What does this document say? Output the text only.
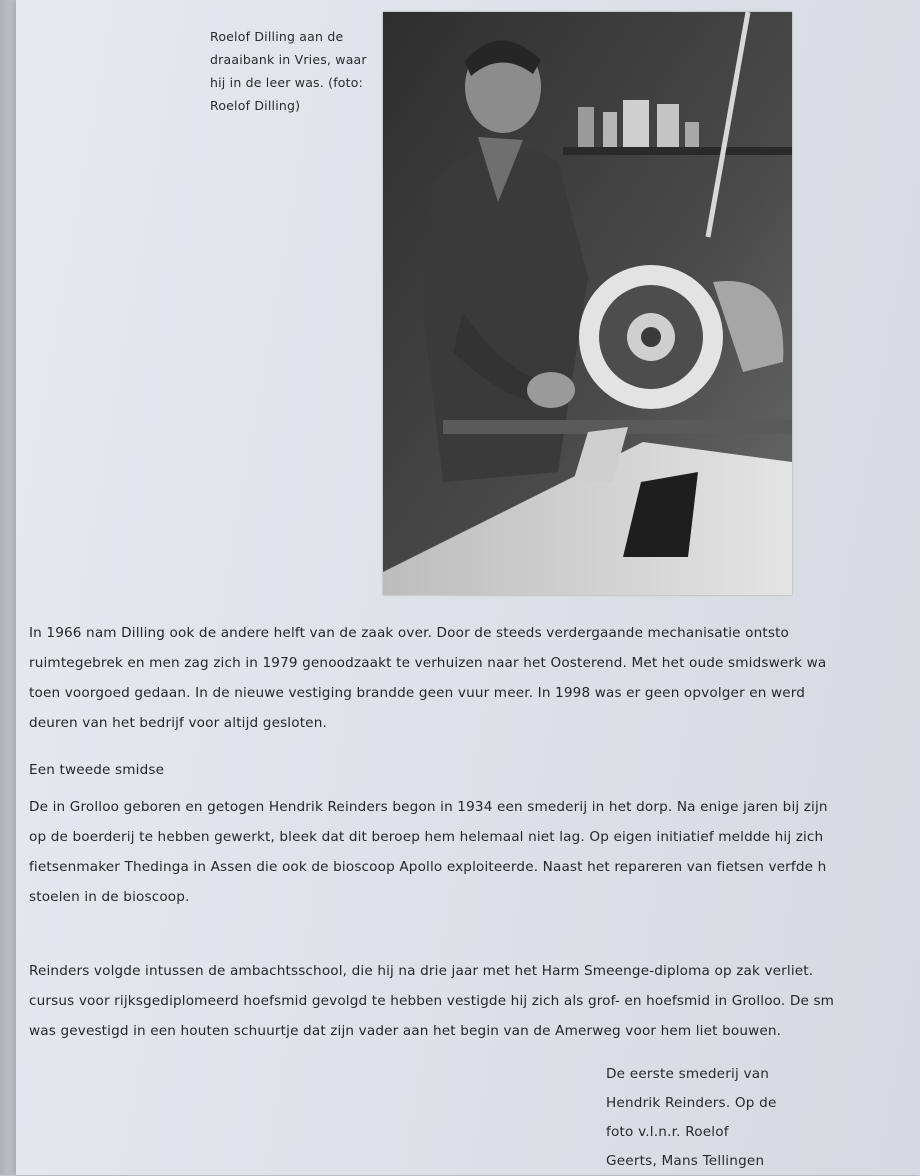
Roelof Dilling aan de
draaibank in Vries, waar
hij in de leer was. (foto:
Roelof Dilling)
In 1966 nam Dilling ook de andere helft van de zaak over. Door de steeds verdergaande mechanisatie ontsto
ruimtegebrek en men zag zich in 1979 genoodzaakt te verhuizen naar het Oosterend. Met het oude smidswerk wa
toen voorgoed gedaan. In de nieuwe vestiging brandde geen vuur meer. In 1998 was er geen opvolger en werd
deuren van het bedrijf voor altijd gesloten.
Een tweede smidse
De in Grolloo geboren en getogen Hendrik Reinders begon in 1934 een smederij in het dorp. Na enige jaren bij zijn
op de boerderij te hebben gewerkt, bleek dat dit beroep hem helemaal niet lag. Op eigen initiatief meldde hij zich
fietsenmaker Thedinga in Assen die ook de bioscoop Apollo exploiteerde. Naast het repareren van fietsen verfde h
stoelen in de bioscoop.
Reinders volgde intussen de ambachtsschool, die hij na drie jaar met het Harm Smeenge-diploma op zak verliet.
cursus voor rijksgediplomeerd hoefsmid gevolgd te hebben vestigde hij zich als grof- en hoefsmid in Grolloo. De sm
was gevestigd in een houten schuurtje dat zijn vader aan het begin van de Amerweg voor hem liet bouwen.
De eerste smederij van
Hendrik Reinders. Op de
foto v.l.n.r. Roelof
Geerts, Mans Tellingen
